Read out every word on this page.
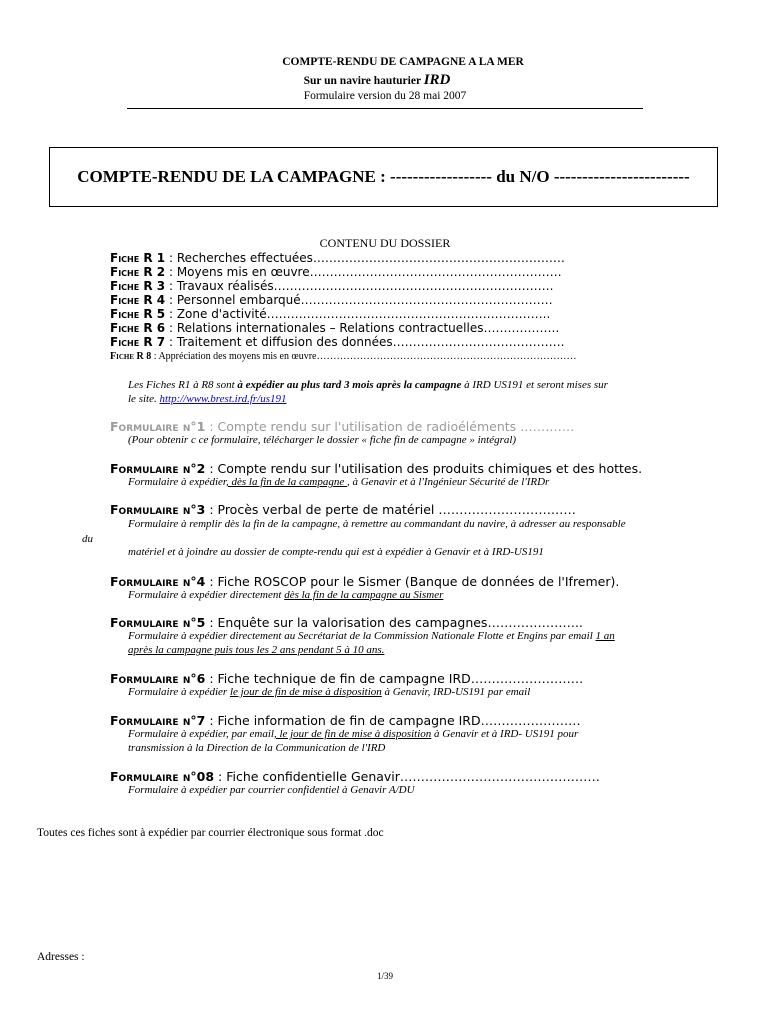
COMPTE-RENDU DE CAMPAGNE A LA MER
Sur un navire hauturier IRD
Formulaire version du 28 mai 2007
COMPTE-RENDU DE LA CAMPAGNE : ------------------ du N/O ------------------------
CONTENU DU DOSSIER
Fiche R 1 : Recherches effectuées………………………………………………………
Fiche R 2 : Moyens mis en œuvre………………………………………………………
Fiche R 3 : Travaux réalisés…………………………………………………………….
Fiche R 4 : Personnel embarqué………………………………………………………
Fiche R 5 : Zone d'activité……………………………………………………………..
Fiche R 6 : Relations internationales – Relations contractuelles……………….
Fiche R 7 : Traitement et diffusion des données…………………………………….
Fiche R 8 : Appréciation des moyens mis en œuvre……………………………………………………………………
Les Fiches R1 à R8 sont à expédier au plus tard 3 mois après la campagne à IRD US191 et seront mises sur
le site. http://www.brest.ird.fr/us191
Formulaire n°1 : Compte rendu sur l'utilisation de radioéléments ………….
(Pour obtenir c ce formulaire, télécharger le dossier « fiche fin de campagne » intégral)
Formulaire n°2 : Compte rendu sur l'utilisation des produits chimiques et des hottes.
Formulaire à expédier, dès la fin de la campagne , à Genavir et à l'Ingénieur Sécurité de l'IRDr
Formulaire n°3 : Procès verbal de perte de matériel ……………………………
Formulaire à remplir dès la fin de la campagne, à remettre au commandant du navire, à adresser au responsable
du
matériel et à joindre au dossier de compte-rendu qui est à expédier à Genavir et à IRD-US191
Formulaire n°4 : Fiche ROSCOP pour le Sismer (Banque de données de l'Ifremer).
Formulaire à expédier directement dès la fin de la campagne au Sismer
Formulaire n°5 : Enquête sur la valorisation des campagnes…………………..
Formulaire à expédier directement au Secrétariat de la Commission Nationale Flotte et Engins par email 1 an
après la campagne puis tous les 2 ans pendant 5 à 10 ans.
Formulaire n°6 : Fiche technique de fin de campagne IRD………………………
Formulaire à expédier le jour de fin de mise à disposition à Genavir, IRD-US191 par email
Formulaire n°7 : Fiche information de fin de campagne IRD……………………
Formulaire à expédier, par email, le jour de fin de mise à disposition à Genavir et à IRD- US191 pour
transmission à la Direction de la Communication de l'IRD
Formulaire n°08 : Fiche confidentielle Genavir…………………………………………
Formulaire à expédier par courrier confidentiel à Genavir A/DU
Toutes ces fiches sont à expédier par courrier électronique sous format .doc
Adresses :
1/39
